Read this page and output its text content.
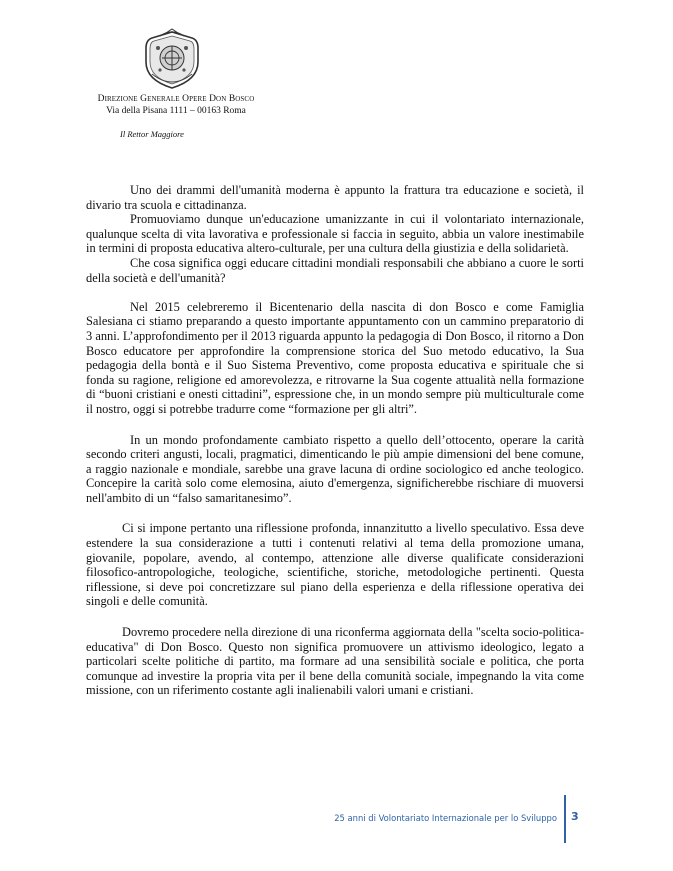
Direzione Generale Opere Don Bosco
Via della Pisana 1111 – 00163 Roma
Il Rettor Maggiore

Uno dei drammi dell'umanità moderna è appunto la frattura tra educazione e società, il divario tra scuola e cittadinanza.

Promuoviamo dunque un'educazione umanizzante in cui il volontariato internazionale, qualunque scelta di vita lavorativa e professionale si faccia in seguito, abbia un valore inestimabile in termini di proposta educativa altero-culturale, per una cultura della giustizia e della solidarietà.

Che cosa significa oggi educare cittadini mondiali responsabili che abbiano a cuore le sorti della società e dell'umanità?

Nel 2015 celebreremo il Bicentenario della nascita di don Bosco e come Famiglia Salesiana ci stiamo preparando a questo importante appuntamento con un cammino preparatorio di 3 anni. L’approfondimento per il 2013 riguarda appunto la pedagogia di Don Bosco, il ritorno a Don Bosco educatore per approfondire la comprensione storica del Suo metodo educativo, la Sua pedagogia della bontà e il Suo Sistema Preventivo, come proposta educativa e spirituale che si fonda su ragione, religione ed amorevolezza, e ritrovarne la Sua cogente attualità nella formazione di “buoni cristiani e onesti cittadini”, espressione che, in un mondo sempre più multiculturale come il nostro, oggi si potrebbe tradurre come “formazione per gli altri”.

In un mondo profondamente cambiato rispetto a quello dell’ottocento, operare la carità secondo criteri angusti, locali, pragmatici, dimenticando le più ampie dimensioni del bene comune, a raggio nazionale e mondiale, sarebbe una grave lacuna di ordine sociologico ed anche teologico. Concepire la carità solo come elemosina, aiuto d'emergenza, significherebbe rischiare di muoversi nell'ambito di un “falso samaritanesimo”.

Ci si impone pertanto una riflessione profonda, innanzitutto a livello speculativo. Essa deve estendere la sua considerazione a tutti i contenuti relativi al tema della promozione umana, giovanile, popolare, avendo, al contempo, attenzione alle diverse qualificate considerazioni filosofico-antropologiche, teologiche, scientifiche, storiche, metodologiche pertinenti. Questa riflessione, si deve poi concretizzare sul piano della esperienza e della riflessione operativa dei singoli e delle comunità.

Dovremo procedere nella direzione di una riconferma aggiornata della "scelta socio-politica-educativa" di Don Bosco. Questo non significa promuovere un attivismo ideologico, legato a particolari scelte politiche di partito, ma formare ad una sensibilità sociale e politica, che porta comunque ad investire la propria vita per il bene della comunità sociale, impegnando la vita come missione, con un riferimento costante agli inalienabili valori umani e cristiani.

25 anni di Volontariato Internazionale per lo Sviluppo 3
